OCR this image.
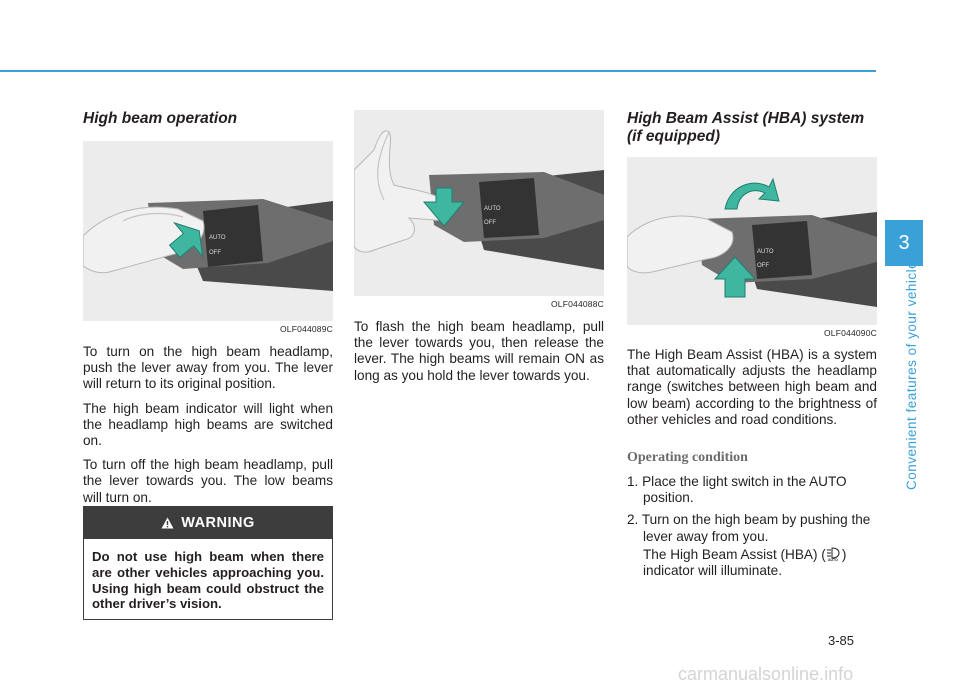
High beam operation

AUTO
OFF
OLF044089C

To turn on the high beam headlamp, push the lever away from you. The lever will return to its original position.

The high beam indicator will light when the headlamp high beams are switched on.

To turn off the high beam headlamp, pull the lever towards you. The low beams will turn on.

WARNING
Do not use high beam when there are other vehicles approaching you. Using high beam could obstruct the other driver’s vision.
AUTO
OFF
OLF044088C

To flash the high beam headlamp, pull the lever towards you, then release the lever. The high beams will remain ON as long as you hold the lever towards you.

High Beam Assist (HBA) system

(if equipped)

AUTO
OFF
OLF044090C

The High Beam Assist (HBA) is a system that automatically adjusts the headlamp range (switches between high beam and low beam) according to the brightness of other vehicles and road conditions.

Operating condition

1. Place the light switch in the AUTO position.

2. Turn on the high beam by pushing the lever away from you.

The High Beam Assist (HBA) ( AUTO ) indicator will illuminate.
3
Convenient features of your vehicle
3-85
carmanualsonline.info
